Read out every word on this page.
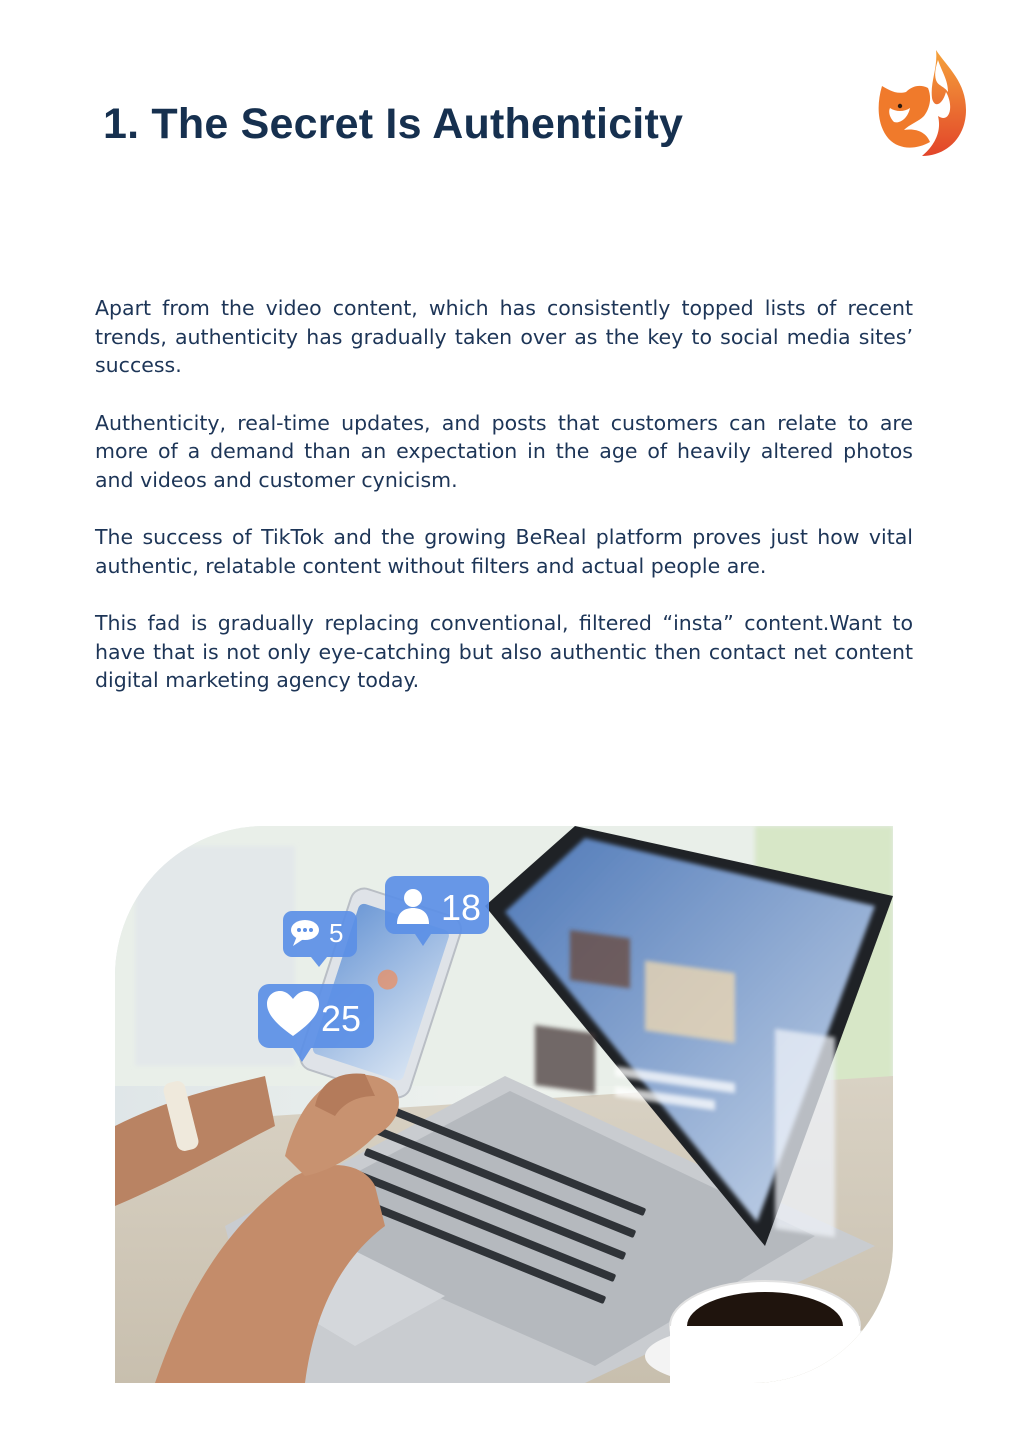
1. The Secret Is Authenticity

Apart from the video content, which has consistently topped lists of recent trends, authenticity has gradually taken over as the key to social media sites’ success.

Authenticity, real-time updates, and posts that customers can relate to are more of a demand than an expectation in the age of heavily altered photos and videos and customer cynicism.

The success of TikTok and the growing BeReal platform proves just how vital authentic, relatable content without filters and actual people are.

This fad is gradually replacing conventional, filtered “insta” content.Want to have that is not only eye-catching but also authentic then contact net content digital marketing agency today.

18
5
25
